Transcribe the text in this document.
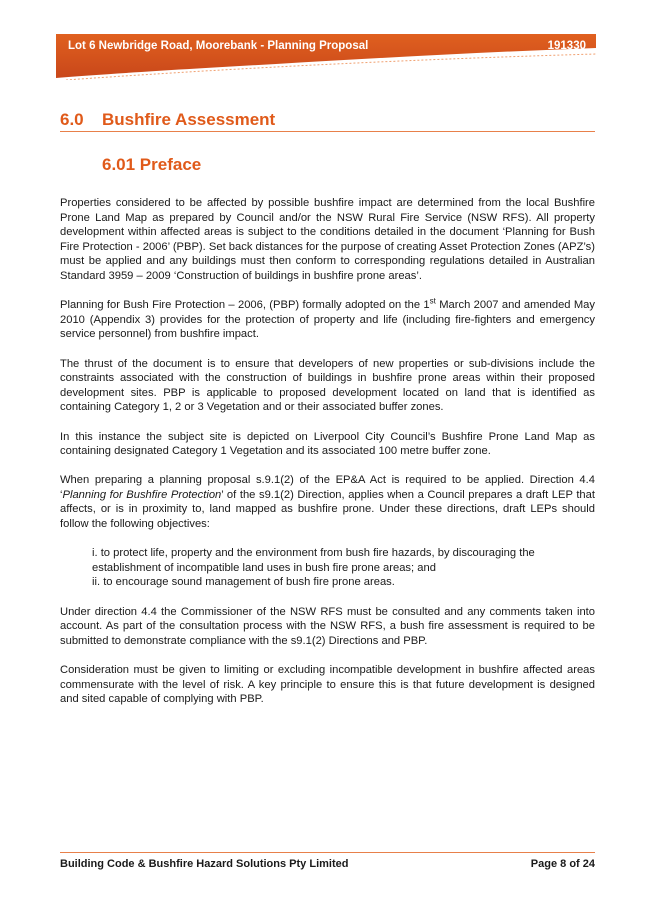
Lot 6 Newbridge Road, Moorebank - Planning Proposal	191330
6.0 Bushfire Assessment
6.01 Preface

Properties considered to be affected by possible bushfire impact are determined from the local Bushfire Prone Land Map as prepared by Council and/or the NSW Rural Fire Service (NSW RFS). All property development within affected areas is subject to the conditions detailed in the document ‘Planning for Bush Fire Protection - 2006’ (PBP). Set back distances for the purpose of creating Asset Protection Zones (APZ’s) must be applied and any buildings must then conform to corresponding regulations detailed in Australian Standard 3959 – 2009 ‘Construction of buildings in bushfire prone areas’.

Planning for Bush Fire Protection – 2006, (PBP) formally adopted on the 1st March 2007 and amended May 2010 (Appendix 3) provides for the protection of property and life (including fire-fighters and emergency service personnel) from bushfire impact.

The thrust of the document is to ensure that developers of new properties or sub-divisions include the constraints associated with the construction of buildings in bushfire prone areas within their proposed development sites. PBP is applicable to proposed development located on land that is identified as containing Category 1, 2 or 3 Vegetation and or their associated buffer zones.

In this instance the subject site is depicted on Liverpool City Council’s Bushfire Prone Land Map as containing designated Category 1 Vegetation and its associated 100 metre buffer zone.

When preparing a planning proposal s.9.1(2) of the EP&A Act is required to be applied. Direction 4.4 ‘Planning for Bushfire Protection’ of the s9.1(2) Direction, applies when a Council prepares a draft LEP that affects, or is in proximity to, land mapped as bushfire prone. Under these directions, draft LEPs should follow the following objectives:

i. to protect life, property and the environment from bush fire hazards, by discouraging the establishment of incompatible land uses in bush fire prone areas; and
ii. to encourage sound management of bush fire prone areas.

Under direction 4.4 the Commissioner of the NSW RFS must be consulted and any comments taken into account. As part of the consultation process with the NSW RFS, a bush fire assessment is required to be submitted to demonstrate compliance with the s9.1(2) Directions and PBP.

Consideration must be given to limiting or excluding incompatible development in bushfire affected areas commensurate with the level of risk. A key principle to ensure this is that future development is designed and sited capable of complying with PBP.

Building Code & Bushfire Hazard Solutions Pty Limited	Page 8 of 24
